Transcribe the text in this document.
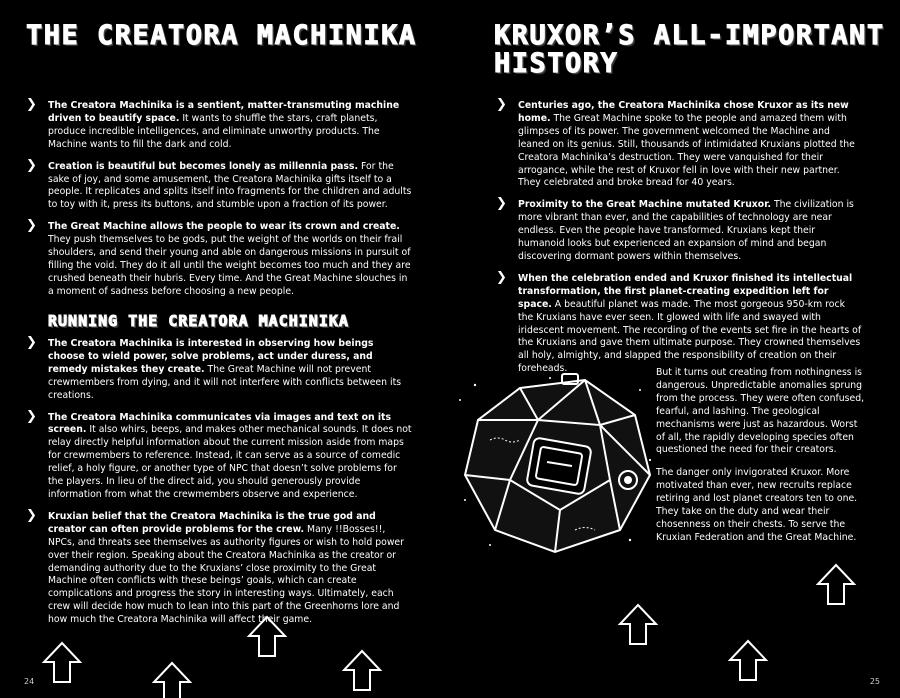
THE CREATORA MACHINIKA
❯ The Creatora Machinika is a sentient, matter-transmuting machine driven to beautify space. It wants to shuffle the stars, craft planets, produce incredible intelligences, and eliminate unworthy products. The Machine wants to fill the dark and cold.
❯ Creation is beautiful but becomes lonely as millennia pass. For the sake of joy, and some amusement, the Creatora Machinika gifts itself to a people. It replicates and splits itself into fragments for the children and adults to toy with it, press its buttons, and stumble upon a fraction of its power.
❯ The Great Machine allows the people to wear its crown and create. They push themselves to be gods, put the weight of the worlds on their frail shoulders, and send their young and able on dangerous missions in pursuit of filling the void. They do it all until the weight becomes too much and they are crushed beneath their hubris. Every time. And the Great Machine slouches in a moment of sadness before choosing a new people.
RUNNING THE CREATORA MACHINIKA
❯ The Creatora Machinika is interested in observing how beings choose to wield power, solve problems, act under duress, and remedy mistakes they create. The Great Machine will not prevent crewmembers from dying, and it will not interfere with conflicts between its creations.
❯ The Creatora Machinika communicates via images and text on its screen. It also whirs, beeps, and makes other mechanical sounds. It does not relay directly helpful information about the current mission aside from maps for crewmembers to reference. Instead, it can serve as a source of comedic relief, a holy figure, or another type of NPC that doesn’t solve problems for the players. In lieu of the direct aid, you should generously provide information from what the crewmembers observe and experience.
❯ Kruxian belief that the Creatora Machinika is the true god and creator can often provide problems for the crew. Many !!Bosses!!, NPCs, and threats see themselves as authority figures or wish to hold power over their region. Speaking about the Creatora Machinika as the creator or demanding authority due to the Kruxians’ close proximity to the Great Machine often conflicts with these beings’ goals, which can create complications and progress the story in interesting ways. Ultimately, each crew will decide how much to lean into this part of the Greenhorns lore and how much the Creatora Machinika will affect their game.
24
KRUXOR’S ALL-IMPORTANT HISTORY
❯ Centuries ago, the Creatora Machinika chose Kruxor as its new home. The Great Machine spoke to the people and amazed them with glimpses of its power. The government welcomed the Machine and leaned on its genius. Still, thousands of intimidated Kruxians plotted the Creatora Machinika’s destruction. They were vanquished for their arrogance, while the rest of Kruxor fell in love with their new partner. They celebrated and broke bread for 40 years.
❯ Proximity to the Great Machine mutated Kruxor. The civilization is more vibrant than ever, and the capabilities of technology are near endless. Even the people have transformed. Kruxians kept their humanoid looks but experienced an expansion of mind and began discovering dormant powers within themselves.
❯ When the celebration ended and Kruxor finished its intellectual transformation, the first planet-creating expedition left for space. A beautiful planet was made. The most gorgeous 950-km rock the Kruxians have ever seen. It glowed with life and swayed with iridescent movement. The recording of the events set fire in the hearts of the Kruxians and gave them ultimate purpose. They crowned themselves all holy, almighty, and slapped the responsibility of creation on their foreheads.	But it turns out creating from nothingness is dangerous. Unpredictable anomalies sprung from the process. They were often confused, fearful, and lashing. The geological mechanisms were just as hazardous. Worst of all, the rapidly developing species often questioned the need for their creators.

The danger only invigorated Kruxor. More motivated than ever, new recruits replace retiring and lost planet creators ten to one. They take on the duty and wear their chosenness on their chests. To serve the Kruxian Federation and the Great Machine.

25
